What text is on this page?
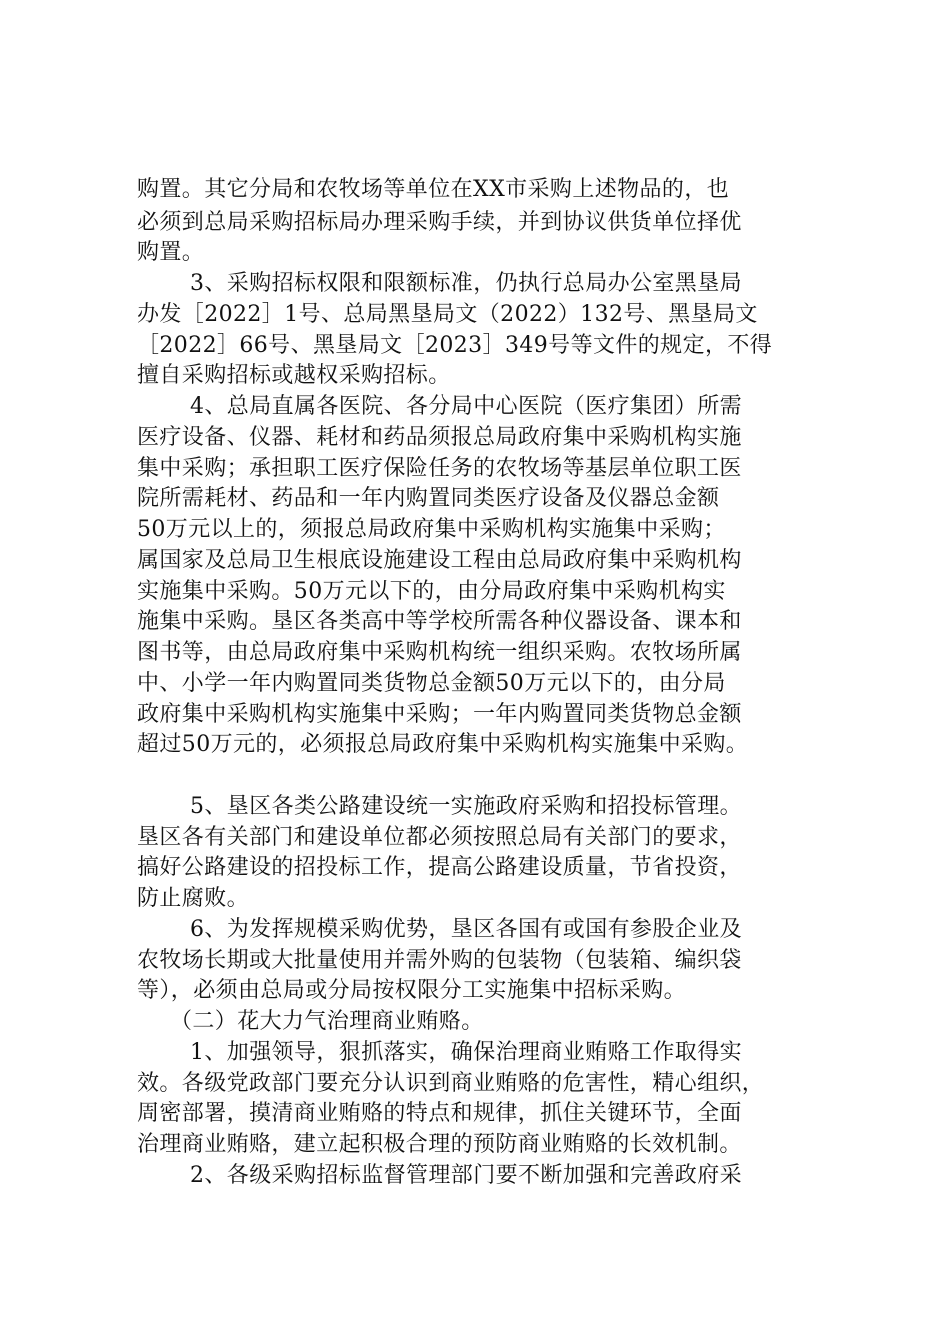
购置。其它分局和农牧场等单位在XX市采购上述物品的，也
必须到总局采购招标局办理采购手续，并到协议供货单位择优
购置。
3、采购招标权限和限额标准，仍执行总局办公室黑垦局
办发［2022］1号、总局黑垦局文（2022）132号、黑垦局文
［2022］66号、黑垦局文［2023］349号等文件的规定，不得
擅自采购招标或越权采购招标。
4、总局直属各医院、各分局中心医院（医疗集团）所需
医疗设备、仪器、耗材和药品须报总局政府集中采购机构实施
集中采购；承担职工医疗保险任务的农牧场等基层单位职工医
院所需耗材、药品和一年内购置同类医疗设备及仪器总金额
50万元以上的，须报总局政府集中采购机构实施集中采购；
属国家及总局卫生根底设施建设工程由总局政府集中采购机构
实施集中采购。50万元以下的，由分局政府集中采购机构实
施集中采购。垦区各类高中等学校所需各种仪器设备、课本和
图书等，由总局政府集中采购机构统一组织采购。农牧场所属
中、小学一年内购置同类货物总金额50万元以下的，由分局
政府集中采购机构实施集中采购；一年内购置同类货物总金额
超过50万元的，必须报总局政府集中采购机构实施集中采购。
5、垦区各类公路建设统一实施政府采购和招投标管理。
垦区各有关部门和建设单位都必须按照总局有关部门的要求，
搞好公路建设的招投标工作，提高公路建设质量，节省投资，
防止腐败。
6、为发挥规模采购优势，垦区各国有或国有参股企业及
农牧场长期或大批量使用并需外购的包装物（包装箱、编织袋
等），必须由总局或分局按权限分工实施集中招标采购。
（二）花大力气治理商业贿赂。
1、加强领导，狠抓落实，确保治理商业贿赂工作取得实
效。各级党政部门要充分认识到商业贿赂的危害性，精心组织，
周密部署，摸清商业贿赂的特点和规律，抓住关键环节，全面
治理商业贿赂，建立起积极合理的预防商业贿赂的长效机制。
2、各级采购招标监督管理部门要不断加强和完善政府采
